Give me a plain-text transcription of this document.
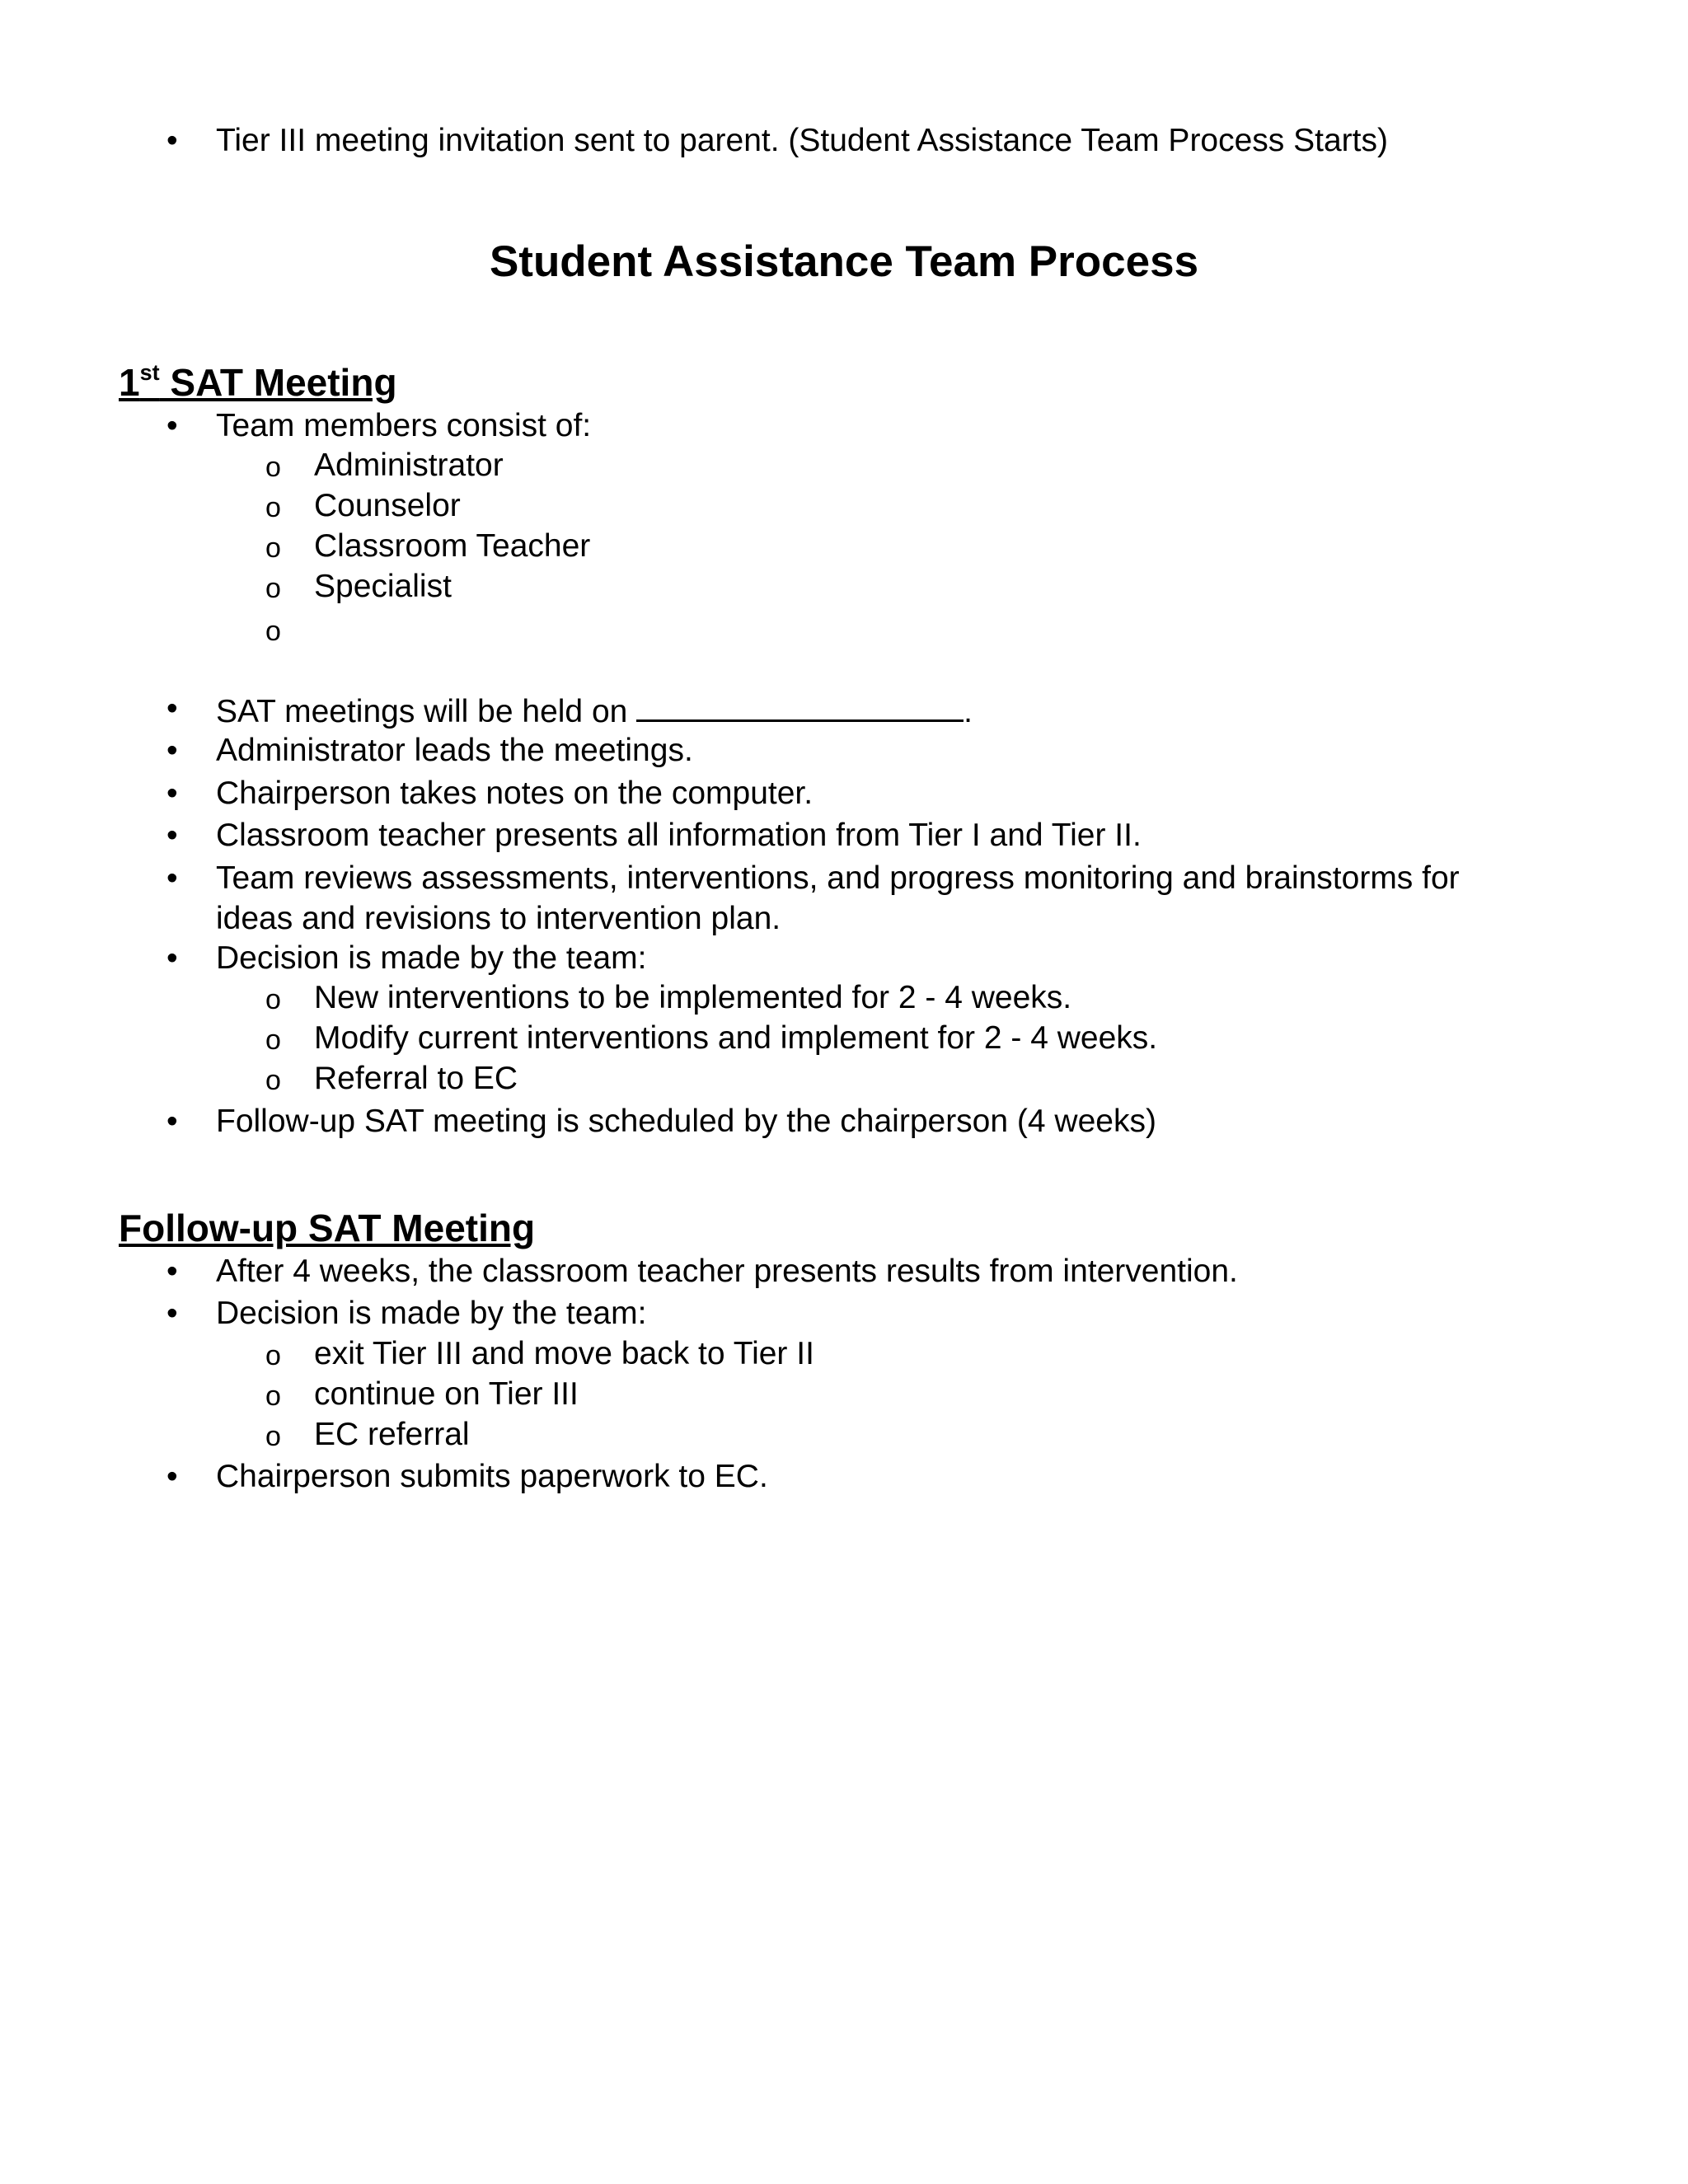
• Tier III meeting invitation sent to parent. (Student Assistance Team Process Starts)
Student Assistance Team Process
1st SAT Meeting
• Team members consist of:
o Administrator
o Counselor
o Classroom Teacher
o Specialist
o
• SAT meetings will be held on	.
• Administrator leads the meetings.
• Chairperson takes notes on the computer.
• Classroom teacher presents all information from Tier I and Tier II.
• Team reviews assessments, interventions, and progress monitoring and brainstorms for
ideas and revisions to intervention plan.
• Decision is made by the team:
o New interventions to be implemented for 2 - 4 weeks.
o Modify current interventions and implement for 2 - 4 weeks.
o Referral to EC
• Follow-up SAT meeting is scheduled by the chairperson (4 weeks)
Follow-up SAT Meeting
• After 4 weeks, the classroom teacher presents results from intervention.
• Decision is made by the team:
o exit Tier III and move back to Tier II
o continue on Tier III
o EC referral
• Chairperson submits paperwork to EC.
